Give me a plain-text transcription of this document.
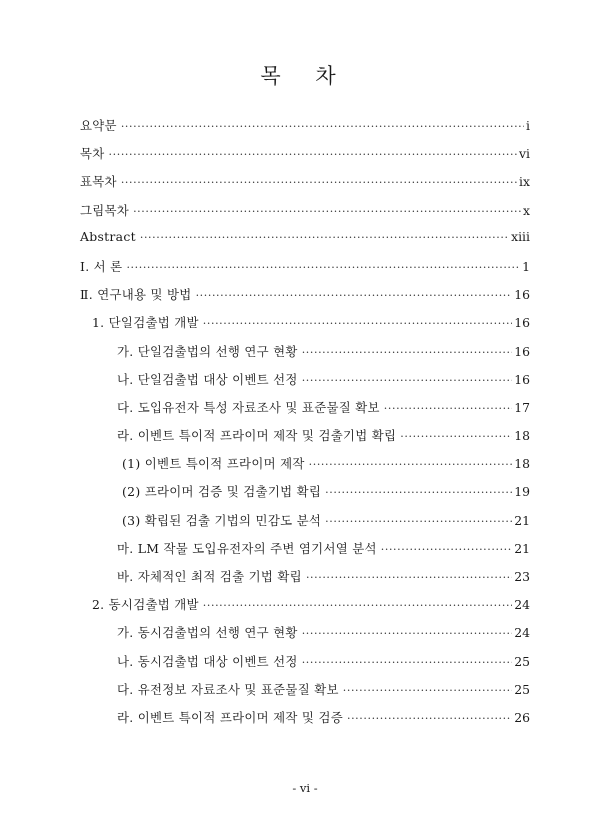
목 차
요약문 ·····	i
목차 ·····	vi
표목차 ·····	ix
그림목차 ·····	x
Abstract ·····	xiii
Ⅰ. 서 론 ·····	1
Ⅱ. 연구내용 및 방법 ·····	16
1. 단일검출법 개발 ·····	16
가. 단일검출법의 선행 연구 현황 ·····	16
나. 단일검출법 대상 이벤트 선정 ·····	16
다. 도입유전자 특성 자료조사 및 표준물질 확보 ·····	17
라. 이벤트 특이적 프라이머 제작 및 검출기법 확립 ·····	18
(1) 이벤트 특이적 프라이머 제작 ·····	18
(2) 프라이머 검증 및 검출기법 확립 ·····	19
(3) 확립된 검출 기법의 민감도 분석 ·····	21
마. LM 작물 도입유전자의 주변 염기서열 분석 ·····	21
바. 자체적인 최적 검출 기법 확립 ·····	23
2. 동시검출법 개발 ·····	24
가. 동시검출법의 선행 연구 현황 ·····	24
나. 동시검출법 대상 이벤트 선정 ·····	25
다. 유전정보 자료조사 및 표준물질 확보 ·····	25
라. 이벤트 특이적 프라이머 제작 및 검증 ·····	26
- vi -
